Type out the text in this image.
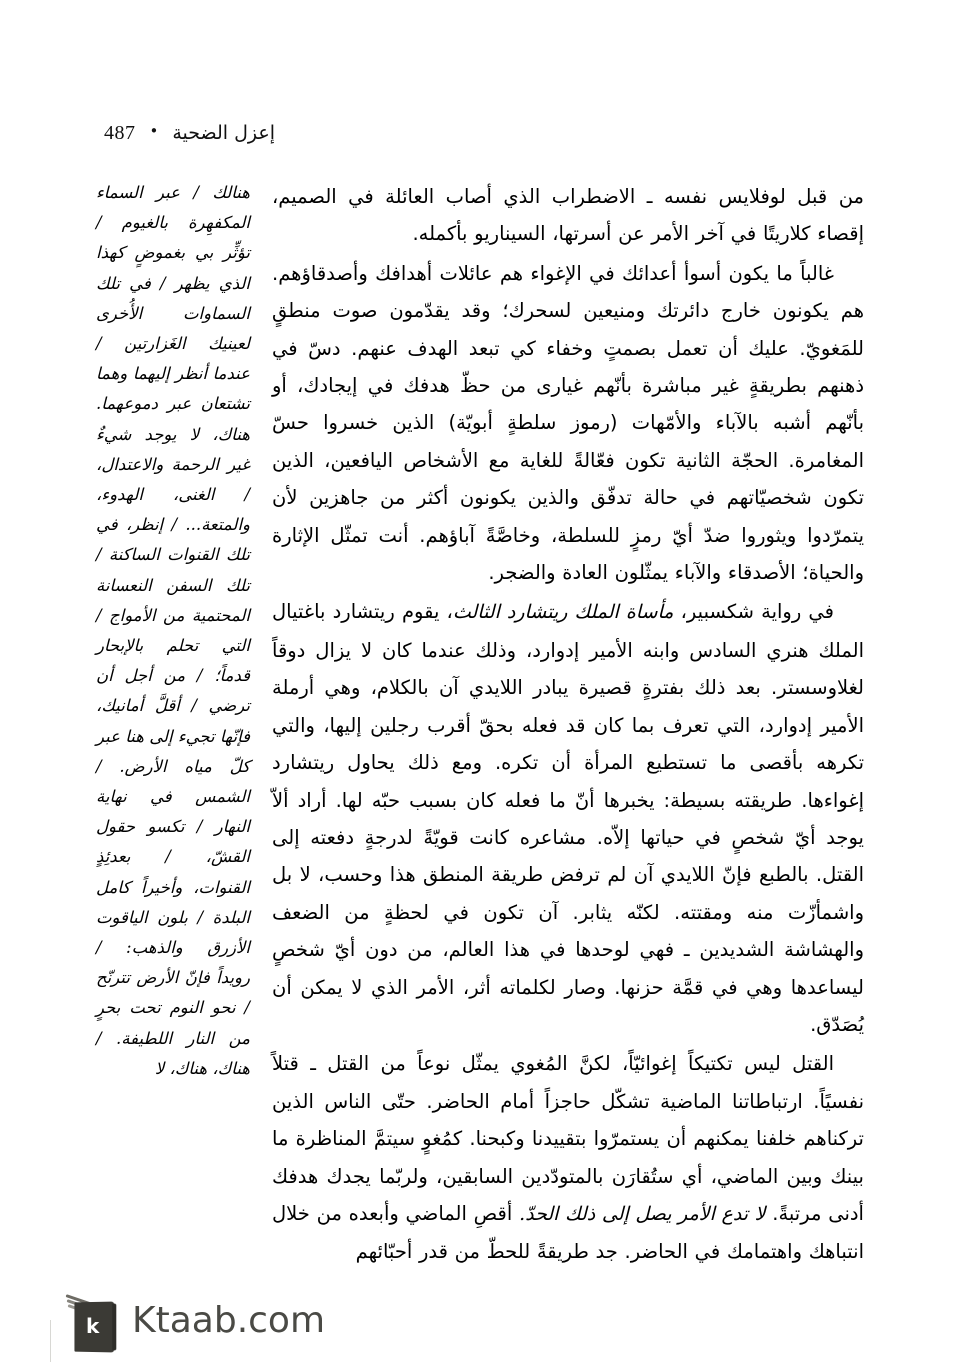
487 • إعزل الضحية

من قبل لوفلايس نفسه ـ الاضطراب الذي أصاب العائلة في الصميم، إقصاء كلاريتًا في آخر الأمر عن أسرتها، السيناريو بأكمله.

غالباً ما يكون أسوأ أعدائك في الإغواء هم عائلات أهدافك وأصدقاؤهم. هم يكونون خارج دائرتك ومنيعين لسحرك؛ وقد يقدّمون صوت منطقٍ للمَغويّ. عليك أن تعمل بصمتٍ وخفاء كي تبعد الهدف عنهم. دسّ في ذهنهم بطريقةٍ غير مباشرة بأنّهم غيارى من حظّ هدفك في إيجادك، أو بأنّهم أشبه بالآباء والأمّهات (رموز سلطةٍ أبويّة) الذين خسروا حسّ المغامرة. الحجّة الثانية تكون فعّالةً للغاية مع الأشخاص اليافعين، الذين تكون شخصيّاتهم في حالة تدفّق والذين يكونون أكثر من جاهزين لأن يتمرّدوا ويثوروا ضدّ أيّ رمزٍ للسلطة، وخاصَّةً آباؤهم. أنت تمثّل الإثارة والحياة؛ الأصدقاء والآباء يمثّلون العادة والضجر.

في رواية شكسبير، مأساة الملك ريتشارد الثالث، يقوم ريتشارد باغتيال الملك هنري السادس وابنه الأمير إدوارد، وذلك عندما كان لا يزال دوقاً لغلاوسستر. بعد ذلك بفترةٍ قصيرة يبادر اللايدي آن بالكلام، وهي أرملة الأمير إدوارد، التي تعرف بما كان قد فعله بحقّ أقرب رجلين إليها، والتي تكرهه بأقصى ما تستطيع المرأة أن تكره. ومع ذلك يحاول ريتشارد إغواءها. طريقته بسيطة: يخبرها أنّ ما فعله كان بسبب حبّه لها. أراد ألاّ يوجد أيّ شخصٍ في حياتها إلاّه. مشاعره كانت قويّةً لدرجةٍ دفعته إلى القتل. بالطبع فإنّ اللايدي آن لم ترفض طريقة المنطق هذا وحسب، لا بل واشمأزّت منه ومقتته. لكنّه يثابر. آن تكون في لحظةٍ من الضعف والهشاشة الشديدين ـ فهي لوحدها في هذا العالم، من دون أيّ شخصٍ ليساعدها وهي في قمَّة حزنها. وصار لكلماته أثر، الأمر الذي لا يمكن أن يُصَدّق.

القتل ليس تكتيكاً إغوائيّاً، لكنَّ المُغوي يمثّل نوعاً من القتل ـ قتلاً نفسيًاً. ارتباطاتنا الماضية تشكّل حاجزاً أمام الحاضر. حتّى الناس الذين تركناهم خلفنا يمكنهم أن يستمرّوا بتقييدنا وكبحنا. كمُغوٍ سيتمَّ المناظرة ما بينك وبين الماضي، أي ستُقارَن بالمتودّدين السابقين، ولربّما يجدك هدفك أدنى مرتبةً. لا تدع الأمر يصل إلى ذلك الحدّ. أقصِ الماضي وأبعده من خلال انتباهك واهتمامك في الحاضر. جد طريقةً للحطّ من قدر أحبّائهم

هنالك / عبر السماء المكفهِرة بالغيوم / تؤثِّر بي بغموضٍ كهذا الذي يظهر / في تلك السماوات الأُخرى لعينيك الغَزارتين / عندما أنظر إليهما وهما تشتعان عبر دموعهما. هناك، لا يوجد شيءٌ غير الرحمة والاعتدال، / الغنى، الهدوء، والمتعة... / إنظر، في تلك القنوات الساكنة / تلك السفن النعسانة المحتمية من الأمواج / التي تحلم بالإبحار قدماً؛ / من أجل أن ترضي / أقلَّ أمانيك، فإنّها تجيء إلى هنا عبر كلّ مياه الأرض. / الشمس في نهاية النهار / تكسو حقول القشّ، / بعدئِذٍ القنوات، وأخيراً كامل البلدة / بلون الياقوت الأزرق والذهب: / رويداً فإنّ الأرض تترنّح / نحو النوم تحت بحرٍ من النار اللطيفة. / هناك، هناك، لا

k Ktaab.com
